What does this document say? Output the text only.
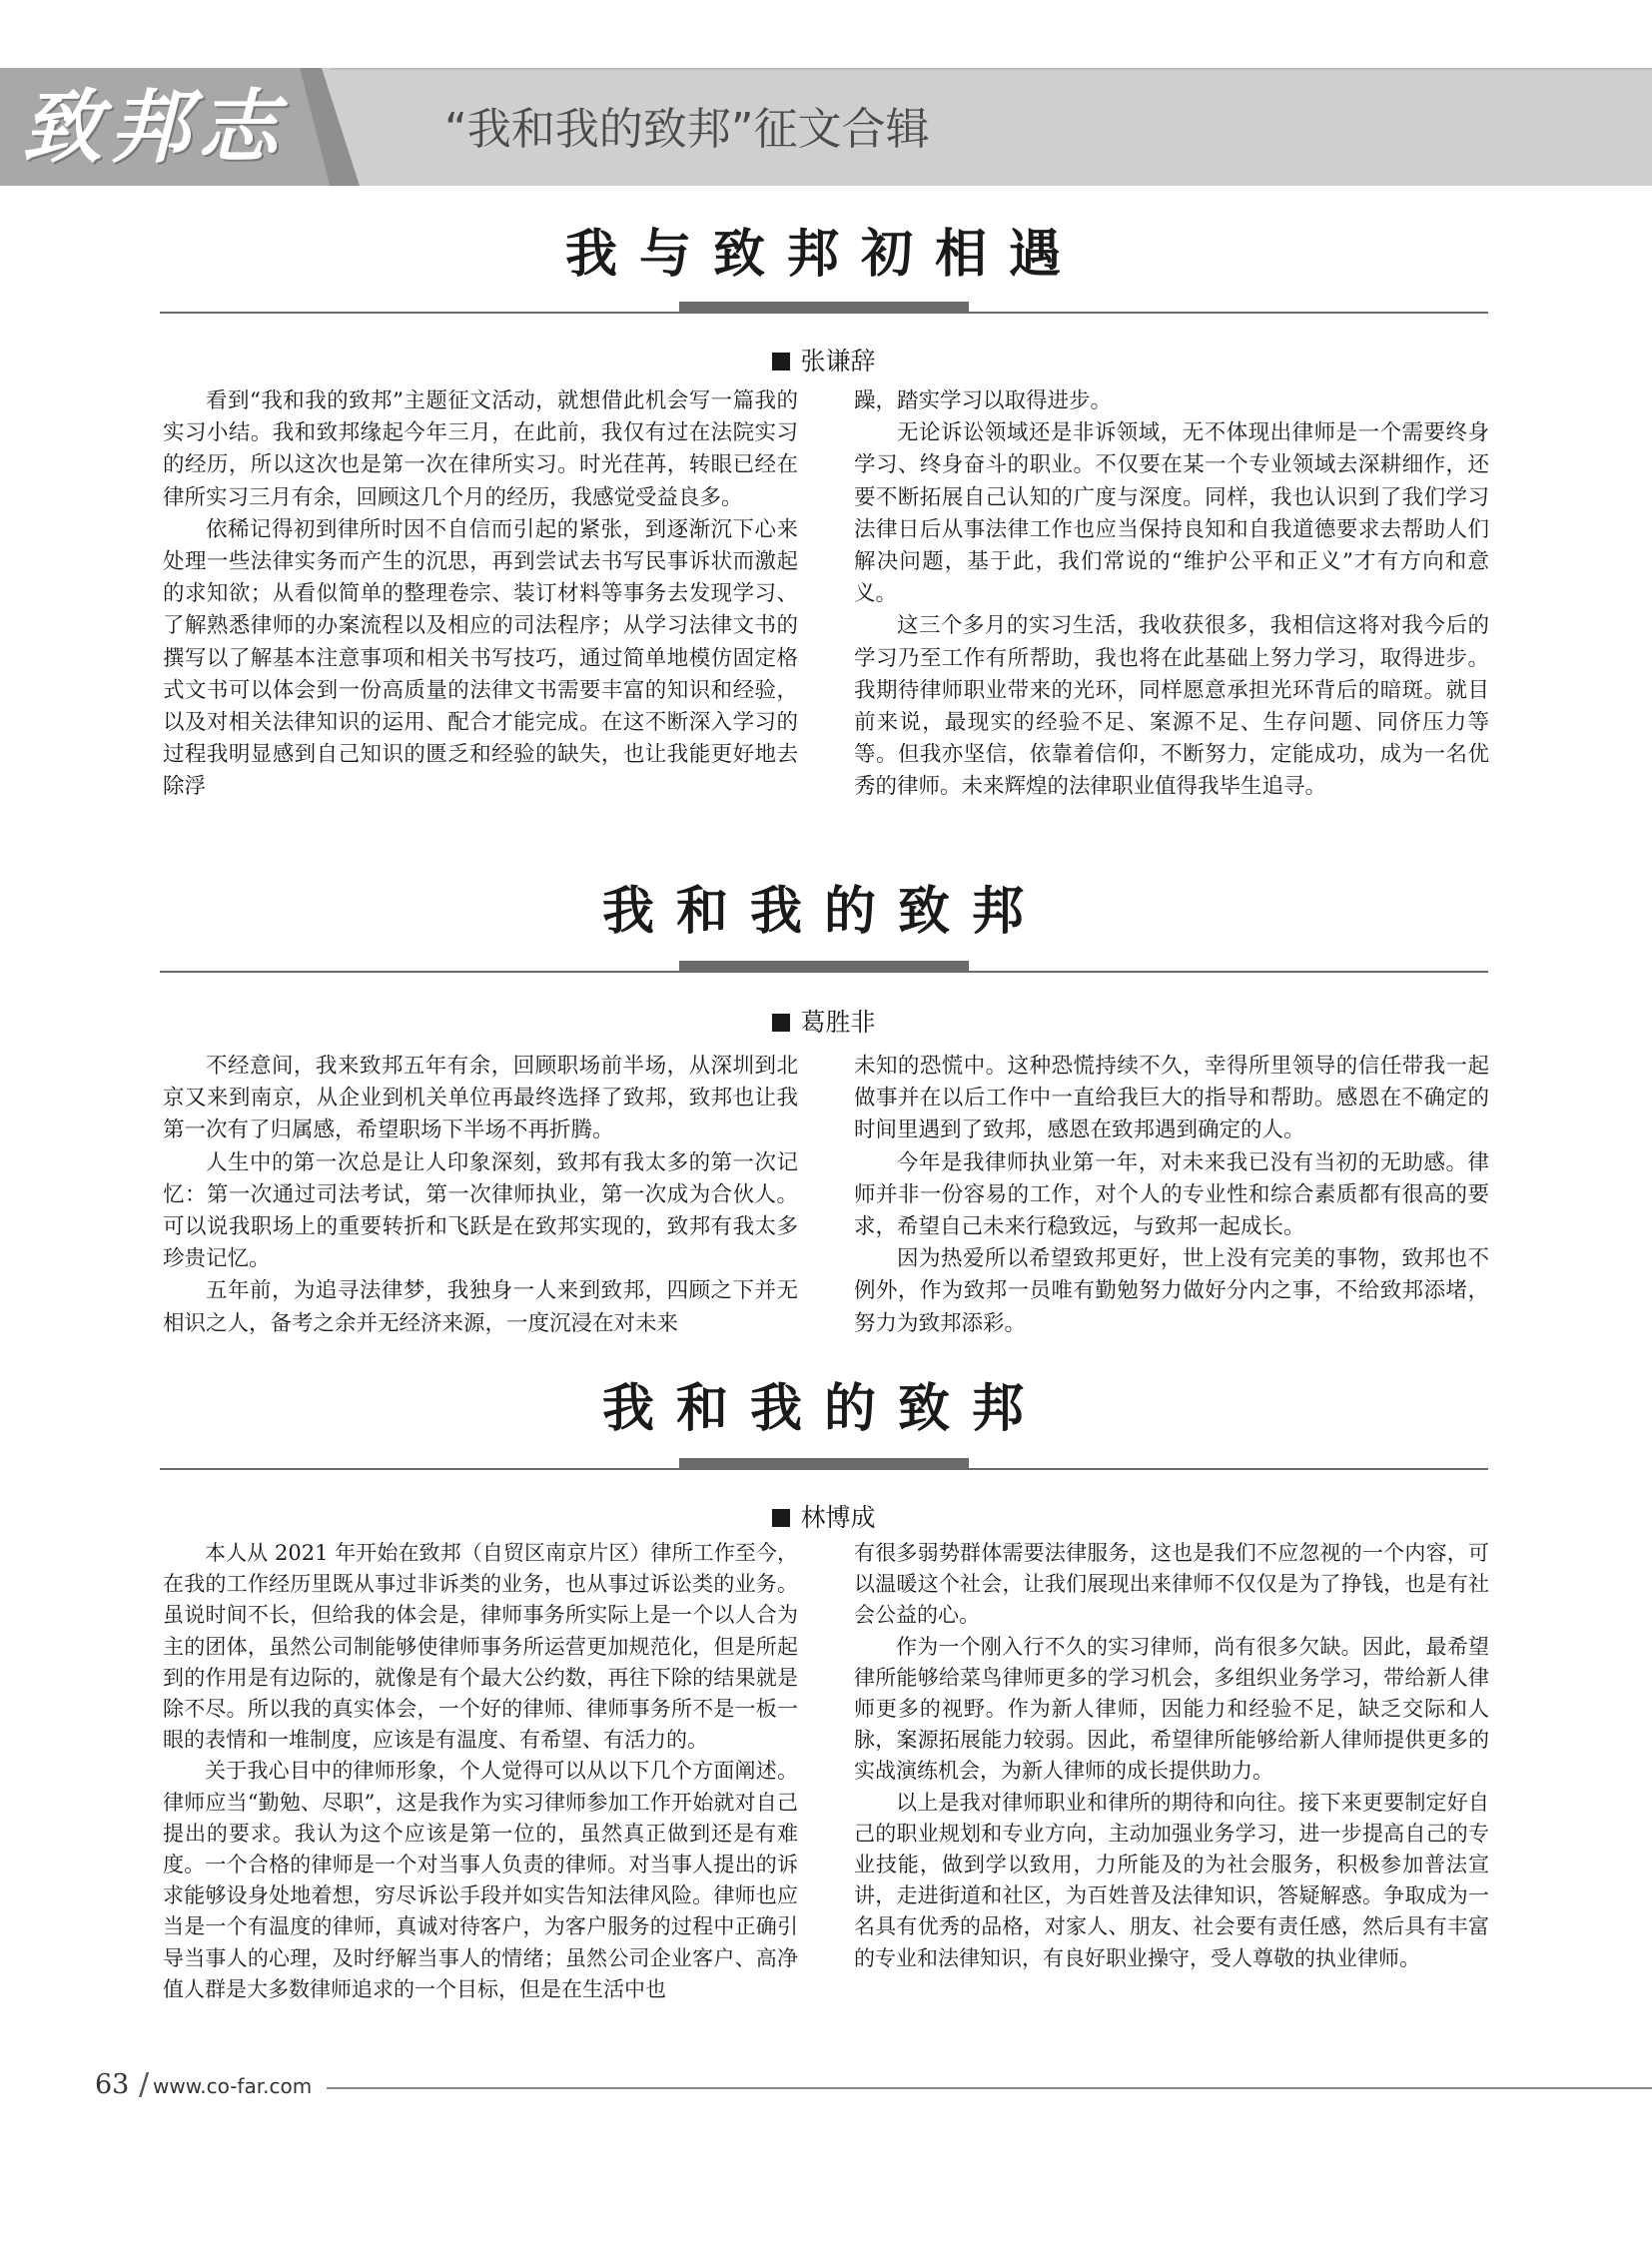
致邦志	“我和我的致邦”征文合辑
我与致邦初相遇
张谦辞

看到“我和我的致邦”主题征文活动，就想借此机会写一篇我的实习小结。我和致邦缘起今年三月，在此前，我仅有过在法院实习的经历，所以这次也是第一次在律所实习。时光荏苒，转眼已经在律所实习三月有余，回顾这几个月的经历，我感觉受益良多。

依稀记得初到律所时因不自信而引起的紧张，到逐渐沉下心来处理一些法律实务而产生的沉思，再到尝试去书写民事诉状而激起的求知欲；从看似简单的整理卷宗、装订材料等事务去发现学习、了解熟悉律师的办案流程以及相应的司法程序；从学习法律文书的撰写以了解基本注意事项和相关书写技巧，通过简单地模仿固定格式文书可以体会到一份高质量的法律文书需要丰富的知识和经验，以及对相关法律知识的运用、配合才能完成。在这不断深入学习的过程我明显感到自己知识的匮乏和经验的缺失，也让我能更好地去除浮

躁，踏实学习以取得进步。

无论诉讼领域还是非诉领域，无不体现出律师是一个需要终身学习、终身奋斗的职业。不仅要在某一个专业领域去深耕细作，还要不断拓展自己认知的广度与深度。同样，我也认识到了我们学习法律日后从事法律工作也应当保持良知和自我道德要求去帮助人们解决问题，基于此，我们常说的“维护公平和正义”才有方向和意义。

这三个多月的实习生活，我收获很多，我相信这将对我今后的学习乃至工作有所帮助，我也将在此基础上努力学习，取得进步。我期待律师职业带来的光环，同样愿意承担光环背后的暗斑。就目前来说，最现实的经验不足、案源不足、生存问题、同侪压力等等。但我亦坚信，依靠着信仰，不断努力，定能成功，成为一名优秀的律师。未来辉煌的法律职业值得我毕生追寻。

我和我的致邦
葛胜非

不经意间，我来致邦五年有余，回顾职场前半场，从深圳到北京又来到南京，从企业到机关单位再最终选择了致邦，致邦也让我第一次有了归属感，希望职场下半场不再折腾。

人生中的第一次总是让人印象深刻，致邦有我太多的第一次记忆：第一次通过司法考试，第一次律师执业，第一次成为合伙人。可以说我职场上的重要转折和飞跃是在致邦实现的，致邦有我太多珍贵记忆。

五年前，为追寻法律梦，我独身一人来到致邦，四顾之下并无相识之人，备考之余并无经济来源，一度沉浸在对未来

未知的恐慌中。这种恐慌持续不久，幸得所里领导的信任带我一起做事并在以后工作中一直给我巨大的指导和帮助。感恩在不确定的时间里遇到了致邦，感恩在致邦遇到确定的人。

今年是我律师执业第一年，对未来我已没有当初的无助感。律师并非一份容易的工作，对个人的专业性和综合素质都有很高的要求，希望自己未来行稳致远，与致邦一起成长。

因为热爱所以希望致邦更好，世上没有完美的事物，致邦也不例外，作为致邦一员唯有勤勉努力做好分内之事，不给致邦添堵，努力为致邦添彩。

我和我的致邦
林博成

本人从 2021 年开始在致邦（自贸区南京片区）律所工作至今，在我的工作经历里既从事过非诉类的业务，也从事过诉讼类的业务。虽说时间不长，但给我的体会是，律师事务所实际上是一个以人合为主的团体，虽然公司制能够使律师事务所运营更加规范化，但是所起到的作用是有边际的，就像是有个最大公约数，再往下除的结果就是除不尽。所以我的真实体会，一个好的律师、律师事务所不是一板一眼的表情和一堆制度，应该是有温度、有希望、有活力的。

关于我心目中的律师形象，个人觉得可以从以下几个方面阐述。律师应当“勤勉、尽职”，这是我作为实习律师参加工作开始就对自己提出的要求。我认为这个应该是第一位的，虽然真正做到还是有难度。一个合格的律师是一个对当事人负责的律师。对当事人提出的诉求能够设身处地着想，穷尽诉讼手段并如实告知法律风险。律师也应当是一个有温度的律师，真诚对待客户，为客户服务的过程中正确引导当事人的心理，及时纾解当事人的情绪；虽然公司企业客户、高净值人群是大多数律师追求的一个目标，但是在生活中也

有很多弱势群体需要法律服务，这也是我们不应忽视的一个内容，可以温暖这个社会，让我们展现出来律师不仅仅是为了挣钱，也是有社会公益的心。

作为一个刚入行不久的实习律师，尚有很多欠缺。因此，最希望律所能够给菜鸟律师更多的学习机会，多组织业务学习，带给新人律师更多的视野。作为新人律师，因能力和经验不足，缺乏交际和人脉，案源拓展能力较弱。因此，希望律所能够给新人律师提供更多的实战演练机会，为新人律师的成长提供助力。

以上是我对律师职业和律所的期待和向往。接下来更要制定好自己的职业规划和专业方向，主动加强业务学习，进一步提高自己的专业技能，做到学以致用，力所能及的为社会服务，积极参加普法宣讲，走进街道和社区，为百姓普及法律知识，答疑解惑。争取成为一名具有优秀的品格，对家人、朋友、社会要有责任感，然后具有丰富的专业和法律知识，有良好职业操守，受人尊敬的执业律师。

63 / www.co-far.com
